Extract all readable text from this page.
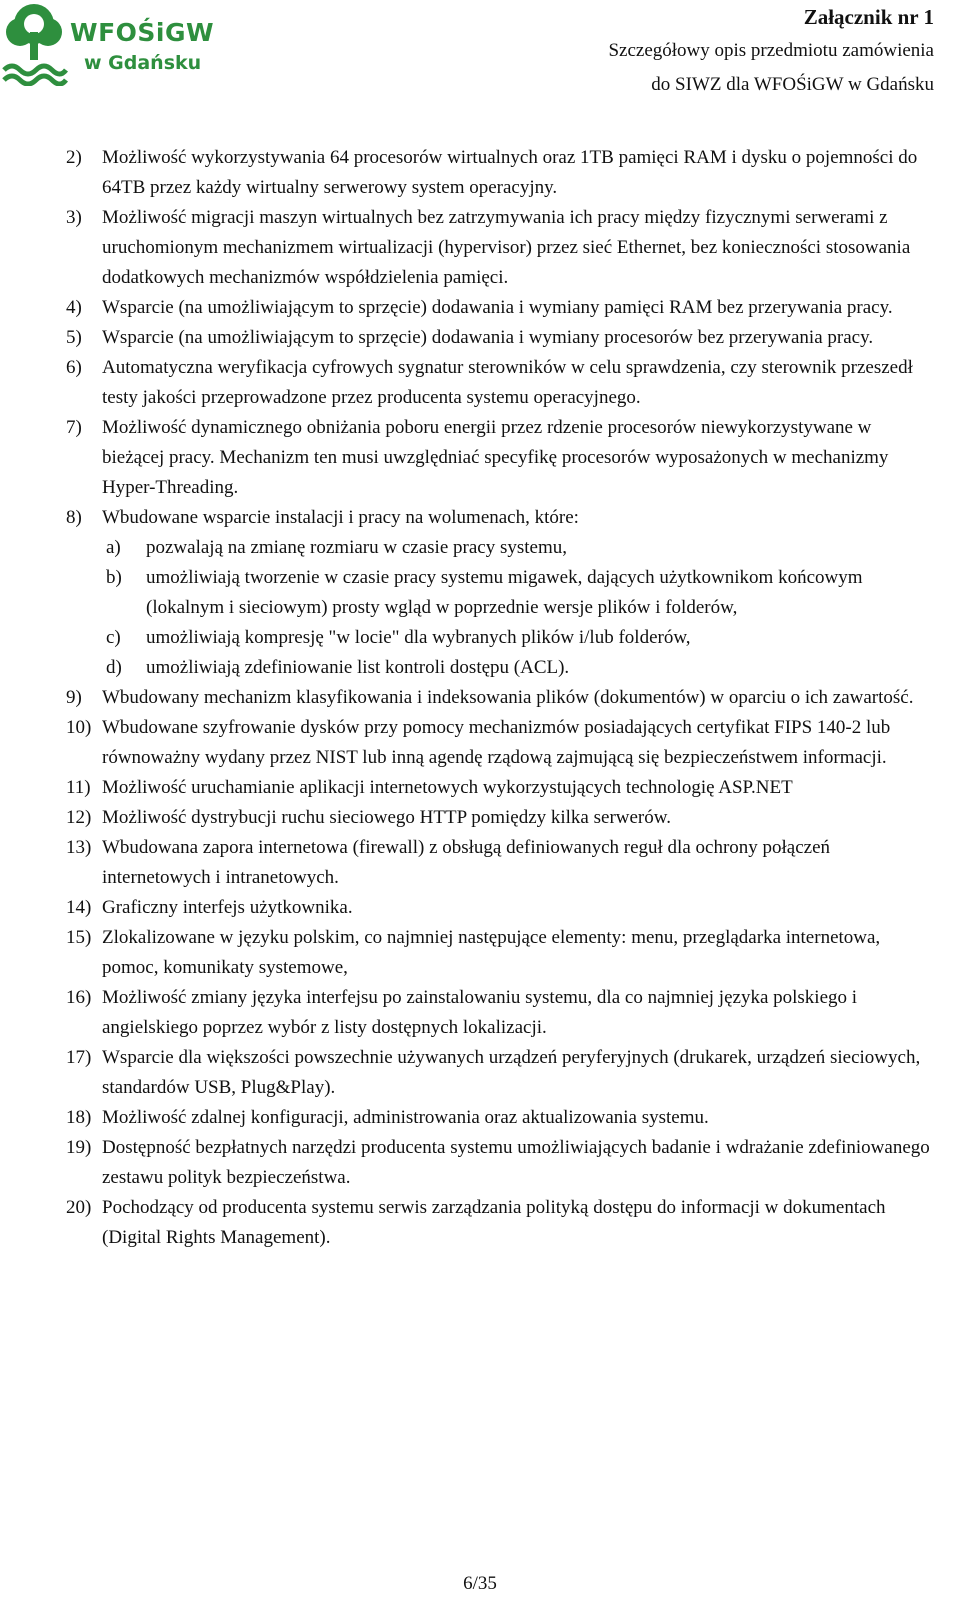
WFOŚiGW
w Gdańsku
Załącznik nr 1
Szczegółowy opis przedmiotu zamówienia
do SIWZ dla WFOŚiGW w Gdańsku
2) Możliwość wykorzystywania 64 procesorów wirtualnych oraz 1TB pamięci RAM i dysku o pojemności do 64TB przez każdy wirtualny serwerowy system operacyjny.
3) Możliwość migracji maszyn wirtualnych bez zatrzymywania ich pracy między fizycznymi serwerami z uruchomionym mechanizmem wirtualizacji (hypervisor) przez sieć Ethernet, bez konieczności stosowania dodatkowych mechanizmów współdzielenia pamięci.
4) Wsparcie (na umożliwiającym to sprzęcie) dodawania i wymiany pamięci RAM bez przerywania pracy.
5) Wsparcie (na umożliwiającym to sprzęcie) dodawania i wymiany procesorów bez przerywania pracy.
6) Automatyczna weryfikacja cyfrowych sygnatur sterowników w celu sprawdzenia, czy sterownik przeszedł testy jakości przeprowadzone przez producenta systemu operacyjnego.
7) Możliwość dynamicznego obniżania poboru energii przez rdzenie procesorów niewykorzystywane w bieżącej pracy. Mechanizm ten musi uwzględniać specyfikę procesorów wyposażonych w mechanizmy Hyper-Threading.
8) Wbudowane wsparcie instalacji i pracy na wolumenach, które:
a) pozwalają na zmianę rozmiaru w czasie pracy systemu,
b) umożliwiają tworzenie w czasie pracy systemu migawek, dających użytkownikom końcowym (lokalnym i sieciowym) prosty wgląd w poprzednie wersje plików i folderów,
c) umożliwiają kompresję "w locie" dla wybranych plików i/lub folderów,
d) umożliwiają zdefiniowanie list kontroli dostępu (ACL).
9) Wbudowany mechanizm klasyfikowania i indeksowania plików (dokumentów) w oparciu o ich zawartość.
10) Wbudowane szyfrowanie dysków przy pomocy mechanizmów posiadających certyfikat FIPS 140-2 lub równoważny wydany przez NIST lub inną agendę rządową zajmującą się bezpieczeństwem informacji.
11) Możliwość uruchamianie aplikacji internetowych wykorzystujących technologię ASP.NET
12) Możliwość dystrybucji ruchu sieciowego HTTP pomiędzy kilka serwerów.
13) Wbudowana zapora internetowa (firewall) z obsługą definiowanych reguł dla ochrony połączeń internetowych i intranetowych.
14) Graficzny interfejs użytkownika.
15) Zlokalizowane w języku polskim, co najmniej następujące elementy: menu, przeglądarka internetowa, pomoc, komunikaty systemowe,
16) Możliwość zmiany języka interfejsu po zainstalowaniu systemu, dla co najmniej języka polskiego i angielskiego poprzez wybór z listy dostępnych lokalizacji.
17) Wsparcie dla większości powszechnie używanych urządzeń peryferyjnych (drukarek, urządzeń sieciowych, standardów USB, Plug&Play).
18) Możliwość zdalnej konfiguracji, administrowania oraz aktualizowania systemu.
19) Dostępność bezpłatnych narzędzi producenta systemu umożliwiających badanie i wdrażanie zdefiniowanego zestawu polityk bezpieczeństwa.
20) Pochodzący od producenta systemu serwis zarządzania polityką dostępu do informacji w dokumentach (Digital Rights Management).
6/35
